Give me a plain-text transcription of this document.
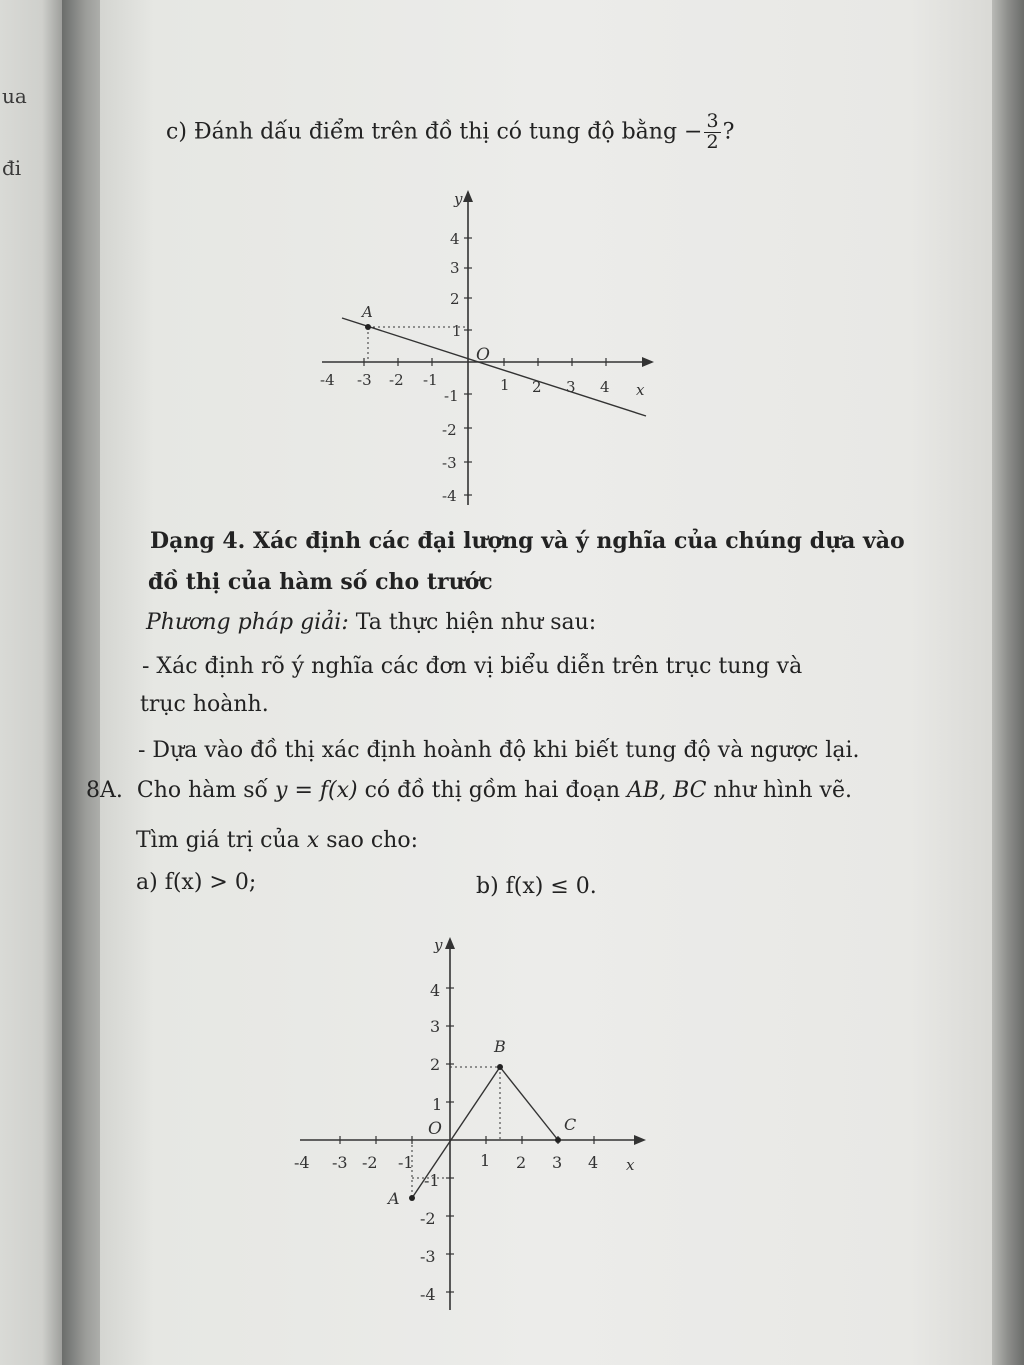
ua
đi
c) Đánh dấu điểm trên đồ thị có tung độ bằng − $\frac{3}{2}$ ?
y
x
O
A
-4 -3 -2 -1	1 2 3 4
4
3
2
1
-1
-2
-3
-4
Dạng 4. Xác định các đại lượng và ý nghĩa của chúng dựa vào
đồ thị của hàm số cho trước
Phương pháp giải: Ta thực hiện như sau:
- Xác định rõ ý nghĩa các đơn vị biểu diễn trên trục tung và
trục hoành.
- Dựa vào đồ thị xác định hoành độ khi biết tung độ và ngược lại.
8A. Cho hàm số y = f(x) có đồ thị gồm hai đoạn AB, BC như hình vẽ.
Tìm giá trị của x sao cho:
a) f(x) > 0;	b) f(x) ≤ 0.
y
x
O
A
B
C
-4 -3 -2 -1	1 2 3 4
4
3
2
1
-1
-2
-3
-4
